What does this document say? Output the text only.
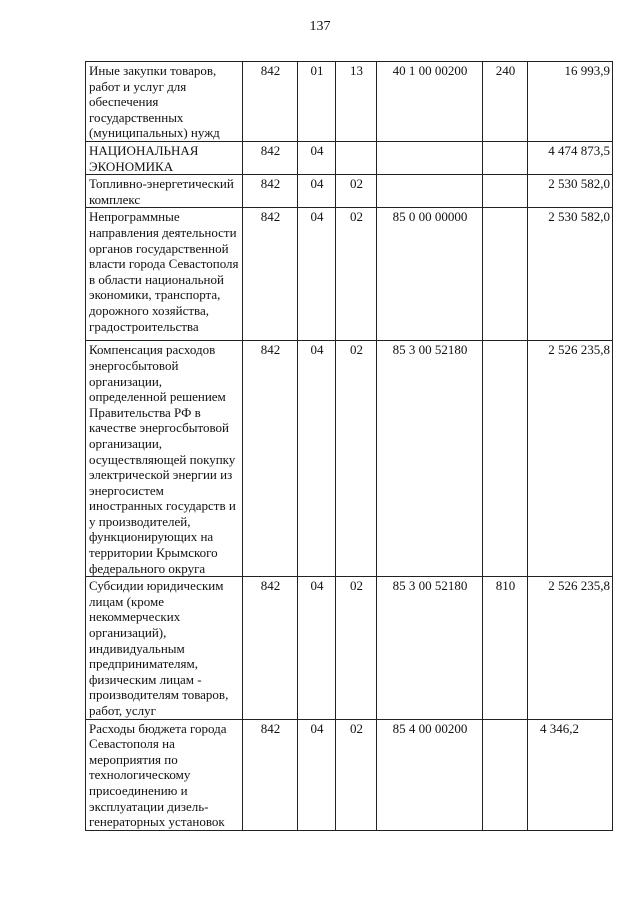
137
Иные закупки товаров, работ и услуг для обеспечения государственных (муниципальных) нужд	842	01	13	40 1 00 00200	240	16 993,9
НАЦИОНАЛЬНАЯ ЭКОНОМИКА	842	04				4 474 873,5
Топливно-энергетический комплекс	842	04	02			2 530 582,0
Непрограммные направления деятельности органов государственной власти города Севастополя в области национальной экономики, транспорта, дорожного хозяйства, градостроительства	842	04	02	85 0 00 00000		2 530 582,0
Компенсация расходов энергосбытовой организации, определенной решением Правительства РФ в качестве энергосбытовой организации, осуществляющей покупку электрической энергии из энергосистем иностранных государств и у производителей, функционирующих на территории Крымского федерального округа	842	04	02	85 3 00 52180		2 526 235,8
Субсидии юридическим лицам (кроме некоммерческих организаций), индивидуальным предпринимателям, физическим лицам - производителям товаров, работ, услуг	842	04	02	85 3 00 52180	810	2 526 235,8
Расходы бюджета города Севастополя на мероприятия по технологическому присоединению и эксплуатации дизель-генераторных установок	842	04	02	85 4 00 00200		4 346,2
